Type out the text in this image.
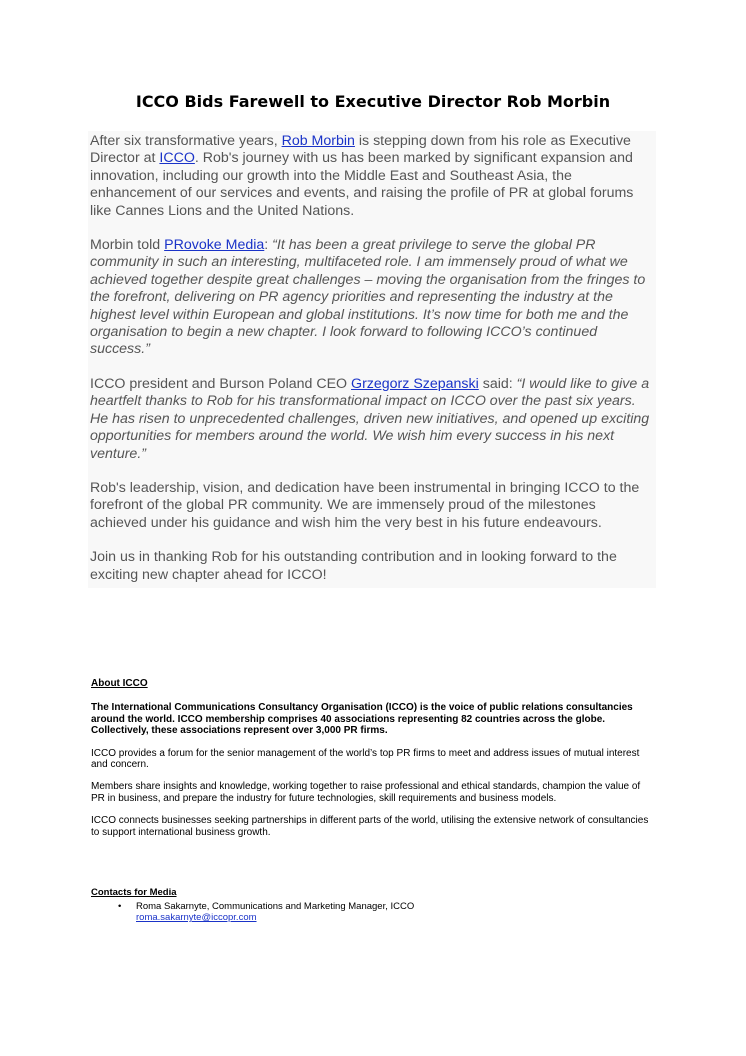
ICCO Bids Farewell to Executive Director Rob Morbin

After six transformative years, Rob Morbin is stepping down from his role as Executive Director at ICCO. Rob's journey with us has been marked by significant expansion and innovation, including our growth into the Middle East and Southeast Asia, the enhancement of our services and events, and raising the profile of PR at global forums like Cannes Lions and the United Nations.

Morbin told PRovoke Media: “It has been a great privilege to serve the global PR community in such an interesting, multifaceted role. I am immensely proud of what we achieved together despite great challenges – moving the organisation from the fringes to the forefront, delivering on PR agency priorities and representing the industry at the highest level within European and global institutions. It’s now time for both me and the organisation to begin a new chapter. I look forward to following ICCO’s continued success.”

ICCO president and Burson Poland CEO Grzegorz Szepanski said: “I would like to give a heartfelt thanks to Rob for his transformational impact on ICCO over the past six years. He has risen to unprecedented challenges, driven new initiatives, and opened up exciting opportunities for members around the world. We wish him every success in his next venture.”

Rob's leadership, vision, and dedication have been instrumental in bringing ICCO to the forefront of the global PR community. We are immensely proud of the milestones achieved under his guidance and wish him the very best in his future endeavours.

Join us in thanking Rob for his outstanding contribution and in looking forward to the exciting new chapter ahead for ICCO!

About ICCO

The International Communications Consultancy Organisation (ICCO) is the voice of public relations consultancies around the world. ICCO membership comprises 40 associations representing 82 countries across the globe. Collectively, these associations represent over 3,000 PR firms.

ICCO provides a forum for the senior management of the world’s top PR firms to meet and address issues of mutual interest and concern.

Members share insights and knowledge, working together to raise professional and ethical standards, champion the value of PR in business, and prepare the industry for future technologies, skill requirements and business models.

ICCO connects businesses seeking partnerships in different parts of the world, utilising the extensive network of consultancies to support international business growth.

Contacts for Media
• Roma Sakarnyte, Communications and Marketing Manager, ICCO
roma.sakarnyte@iccopr.com
